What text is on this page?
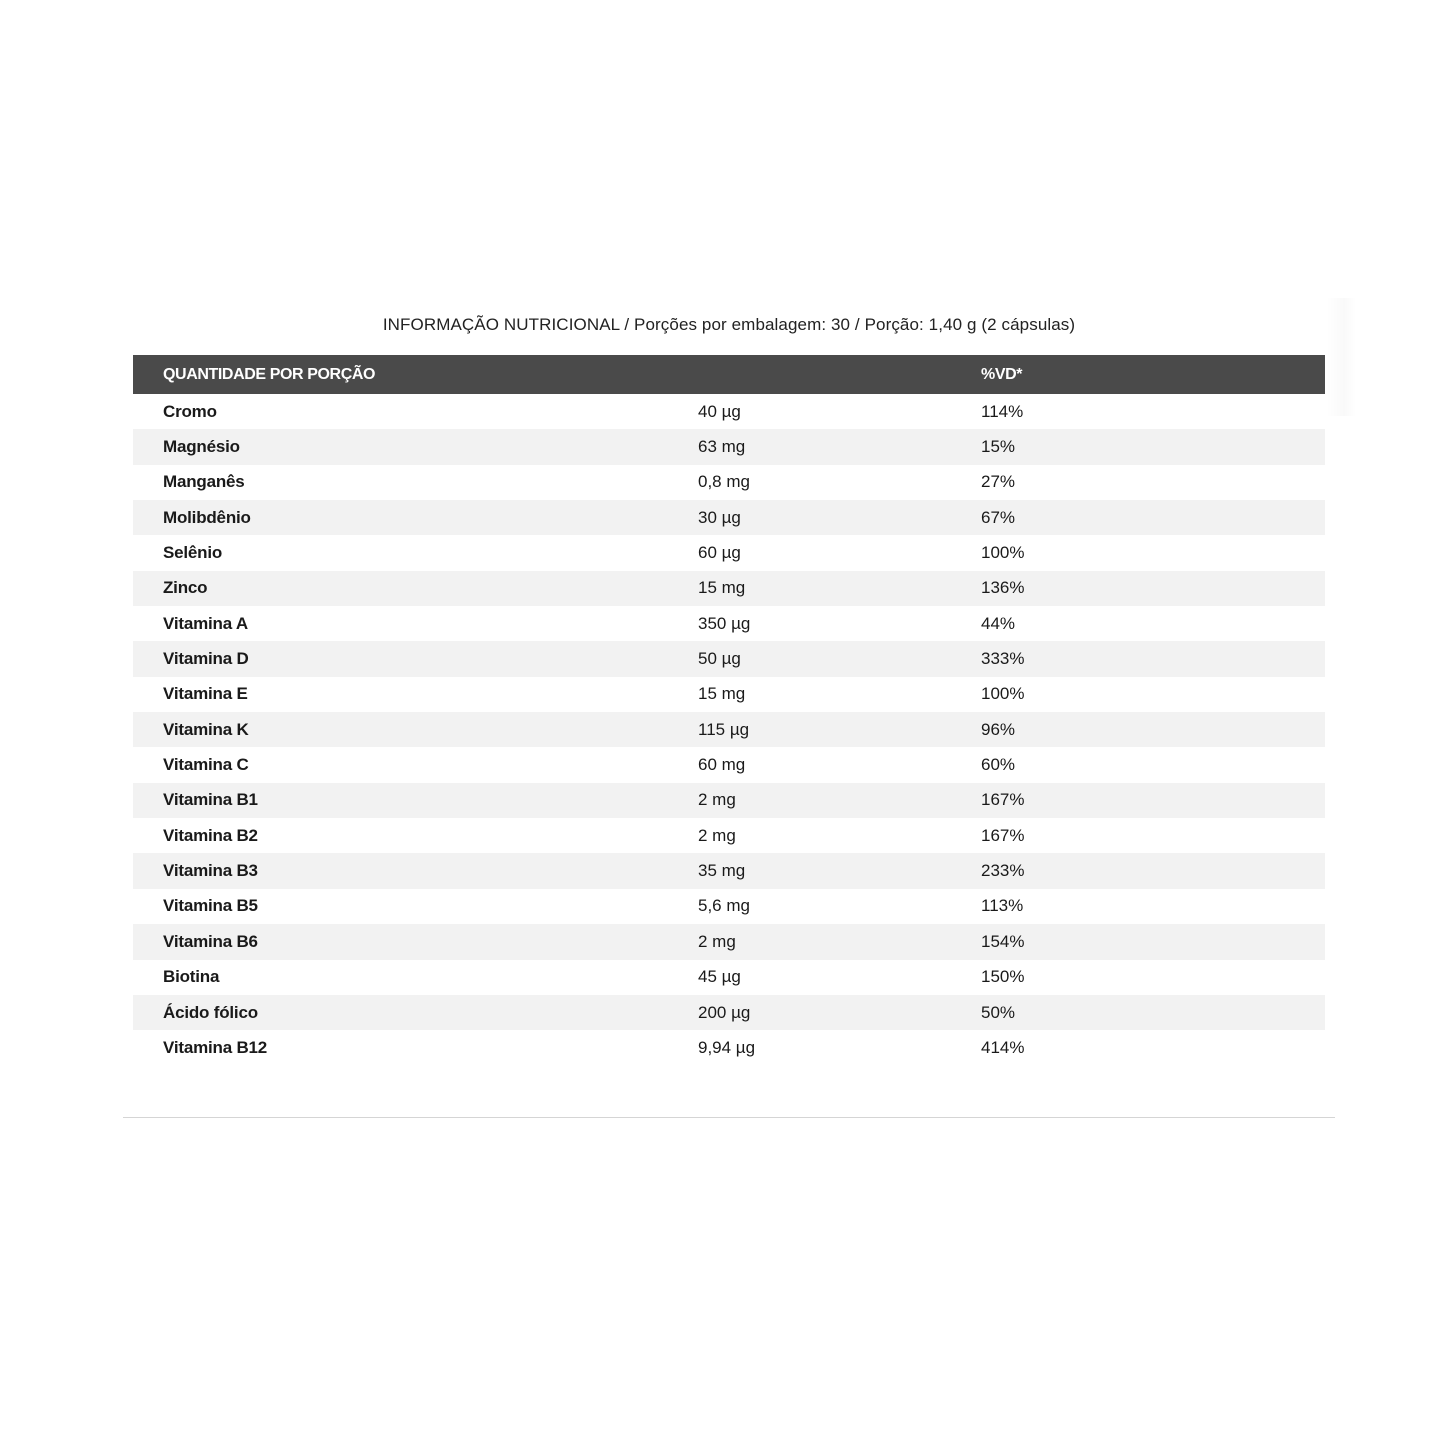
INFORMAÇÃO NUTRICIONAL / Porções por embalagem: 30 / Porção: 1,40 g (2 cápsulas)
QUANTIDADE POR PORÇÃO		%VD*
Cromo	40 µg	114%
Magnésio	63 mg	15%
Manganês	0,8 mg	27%
Molibdênio	30 µg	67%
Selênio	60 µg	100%
Zinco	15 mg	136%
Vitamina A	350 µg	44%
Vitamina D	50 µg	333%
Vitamina E	15 mg	100%
Vitamina K	115 µg	96%
Vitamina C	60 mg	60%
Vitamina B1	2 mg	167%
Vitamina B2	2 mg	167%
Vitamina B3	35 mg	233%
Vitamina B5	5,6 mg	113%
Vitamina B6	2 mg	154%
Biotina	45 µg	150%
Ácido fólico	200 µg	50%
Vitamina B12	9,94 µg	414%
